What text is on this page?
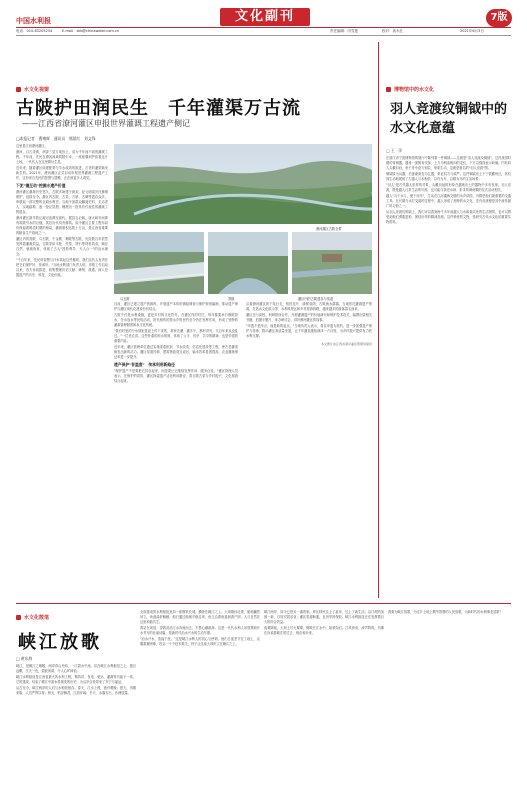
中国水利报	文化副刊	7版
电话：010-63205234	E-mail：zkb@chinawater.com.cn	责任编辑：闫雪莲	校对：高永红	2021年6月3日
水文化视窗
古陂护田润民生　千年灌渠万古流
——江西省潦河灌区申报世界灌溉工程遗产侧记
□本报记者　曹雍辉　通讯员　熊晨红　刘文锋

这里是江西潦河灌区。

潦河，自古泽被，润泽三县万顷田土，成为千年而不衰的灌溉工程。千年前，先民在潦河流域筑陂引水，一座座堰坝护佑着这片土地，一代代人在这里繁衍生息。

近年来，随着灌区续建配套与节水改造的推进，古老的灌渠焕发新生机。2021年，潦河灌区正式启动申报世界灌溉工程遗产工作，这份来自先民的智慧与馈赠，正在被更多人看见。

下泥"搞互动"挖掘水遗产价值

潦河灌区灌溉历史悠久，古陂多始建于唐宋，经元明清历代修缮维护，延续至今。灌区内古陂、古渠、古桥、古碑等遗存众多，串联起一部完整的农耕水利史。当地干部群众翻阅史料、走访老人、实地踏勘，逐一登记造册，梳理出一批具有代表性的灌溉工程遗存。

潦河灌区最早的记载可追溯至唐代。据县志记载，唐太和年间即有筑陂引水的记载，其后历代均有修筑。如今灌区主要工程布局仍保留着明清时期的格局，灌溉面积达数十万亩，是江西省重要的粮食生产基地之一。

灌区内的香陂、乌石陂、千金陂、梅陂等古陂，历经数百年依然发挥着灌溉效益。古陂采用木桩、竹笼、卵石等材料筑成，顺应自然、就地取材，体现了古人"因势利导、天人合一"的治水理念。

"千百年来，先民用智慧与汗水筑起这些堰坝，我们这代人有责任把它们保护好、传承好。"当地水利部门负责人说。申报工作启动以来，各方协同推进，收集整理历史文献、碑刻、族谱，深入挖掘遗产的历史、科技、文化价值。

潦河灌区古陂全景
乌石陂	香陂	灌区内的古陂遗存与渠道

目前，灌区已建立遗产资源库，开展遗产本体的测绘调查与保护规划编制，推动遗产保护与灌区现代化建设有机结合。

古陂不仅是水利设施，更是乡村的文化符号。在灌区内的村庄，每年都要举行修陂祭水、分水放水等民俗活动，世代相传的管水乡规民约至今仍在发挥作用，形成了独特的灌溉管理制度和水文化传统。

"我们村里的分水规矩是祖上传下来的，谁家先灌、灌多少，都有讲究，几百年来从没乱过。"一位老农说。这些朴素的用水规则，体现了公平、有序、共享的精神，也是申遗的重要内容。

近年来，灌区管理单位通过实施渠系配套、节水改造、信息化建设等工程，使古老灌渠焕发出新的活力。灌区渠道衬砌、建筑物改造完成后，输水效率显著提高，农业灌溉保证率进一步提升。

遗产保护"有温度"　传承利用新路径

"保护遗产不是要把它封存起来，而是要让它继续发挥作用、服务百姓。"灌区管理人员表示。在保护的同时，灌区探索遗产活化利用路径，将古陂古渠与乡村振兴、文化旅游结合起来。

沿着潦河灌区的干渠行走，稻田连片、绿树成荫，古陂流水潺潺。当地依托灌溉遗产资源，打造水文化展示馆、水利风景区和乡村旅游线路，越来越多的游客慕名而来。

灌区还与高校、科研院所合作，开展灌溉遗产的价值研究和保护技术攻关，编撰出版相关书籍，拍摄专题片，举办研讨会，讲好潦河灌区的故事。

"申遗不是终点，而是新的起点。"当地负责人表示，将以申遗为契机，进一步加强遗产保护与传承，推动灌区高质量发展，让千年灌渠继续润泽一方百姓，为乡村振兴提供有力的水利支撑。

本文图片由江西省潦河灌区管理局提供

博物馆中的水文化
羽人竞渡纹铜钺中的水文化意蕴
□ 王　萍

在浙江省宁波博物馆的展厅中陈列着一件铜钺——这就是"羽人竞渡纹铜钺"。这件战国时期的青铜器，器身一面铸有纹饰，上方为两条相向的龙纹，下方以弧线表示轮廓，内有四人头戴羽冠，坐于舟中奋力划桨，形象生动，这就是著名的"羽人竞渡"图。

铜钺原为兵器，后逐渐演变为礼器，象征权力与威严。这件铜钺出土于宁波鄞州区，其纹饰生动地展现了古越人与水相依、以舟为车、以楫为马的生活场景。

"羽人"是古代越人崇拜的对象，头戴羽冠的形象在越地出土的器物中多有发现。羽人竞渡，既是越人日常生活的写照，也可能与祭祀水神、祈求风调雨顺的仪式活动相关。

越人"习于水斗，便于用舟"，生活在江河湖海交错的水乡泽国，舟楫是他们最重要的交通工具。在长期与水打交道的过程中，越人形成了独特的水文化，龙舟竞渡便是其中流传最广的习俗之一。

从羽人竞渡纹铜钺上，我们可以看到两千多年前越人与水和谐共处的生活图景，也可以感受到他们勇敢进取、团结协作的精神品格。这件珍贵的文物，是研究古代水文化的重要实物资料。

水文化散笔
峡江放歌
□ 黄东海

峡江，是赣江之咽喉，两岸青山夹峙，一江碧水中流。站在峡江水利枢纽之上，极目远眺，江天一色，碧波荡漾，令人心旷神怡。

峡江水利枢纽是江西省最大的水利工程，集防洪、发电、航运、灌溉等功能于一体。它的建成，结束了赣江中游水患频发的历史，为沿岸百姓带来了安宁与福祉。

从古至今，峡江两岸的人们与水相依相存。春天，江水上涨，渔舟唱晚；夏天，汛期来临，人们严阵以待；秋天，稻谷飘香，江面开阔；冬天，水落石出，沙洲显露。

全面建成的水利枢纽犹如一座钢铁长城，横卧在赣江之上。大坝雄伟壮观，船闸巍然耸立，鱼道曲折蜿蜒。船只通过船闸平稳过坝，鱼儿沿着鱼道洄游产卵，人与自然在这里和谐共生。

我站在坝顶，望着滔滔江水奔流而去，不禁心潮澎湃。这是一代代水利人用智慧和汗水书写的壮丽诗篇，是新时代治水兴水的生动写照。

"治水兴水，造福于民。"这是峡江水利人的初心与使命。他们日夜坚守在工地上，克服重重困难，攻克一个个技术难关，终于让这座大坝屹立在赣江之上。

峡江两岸，如今已是另一番景象。库区移民住上了新房，过上了新生活；沿江堤防加固一新，百姓安居乐业；灌区渠道畅通，良田旱涝保收。峡江水利枢纽正在发挥着巨大的综合效益。

夜幕降临，大坝上灯火璀璨，倒映在江水中，如梦如幻。江风徐来，涛声阵阵，仿佛在诉说着峡江的过去、现在和未来。

我要为峡江放歌，为这片土地上勤劳智慧的人民放歌，为新时代的水利事业放歌！
